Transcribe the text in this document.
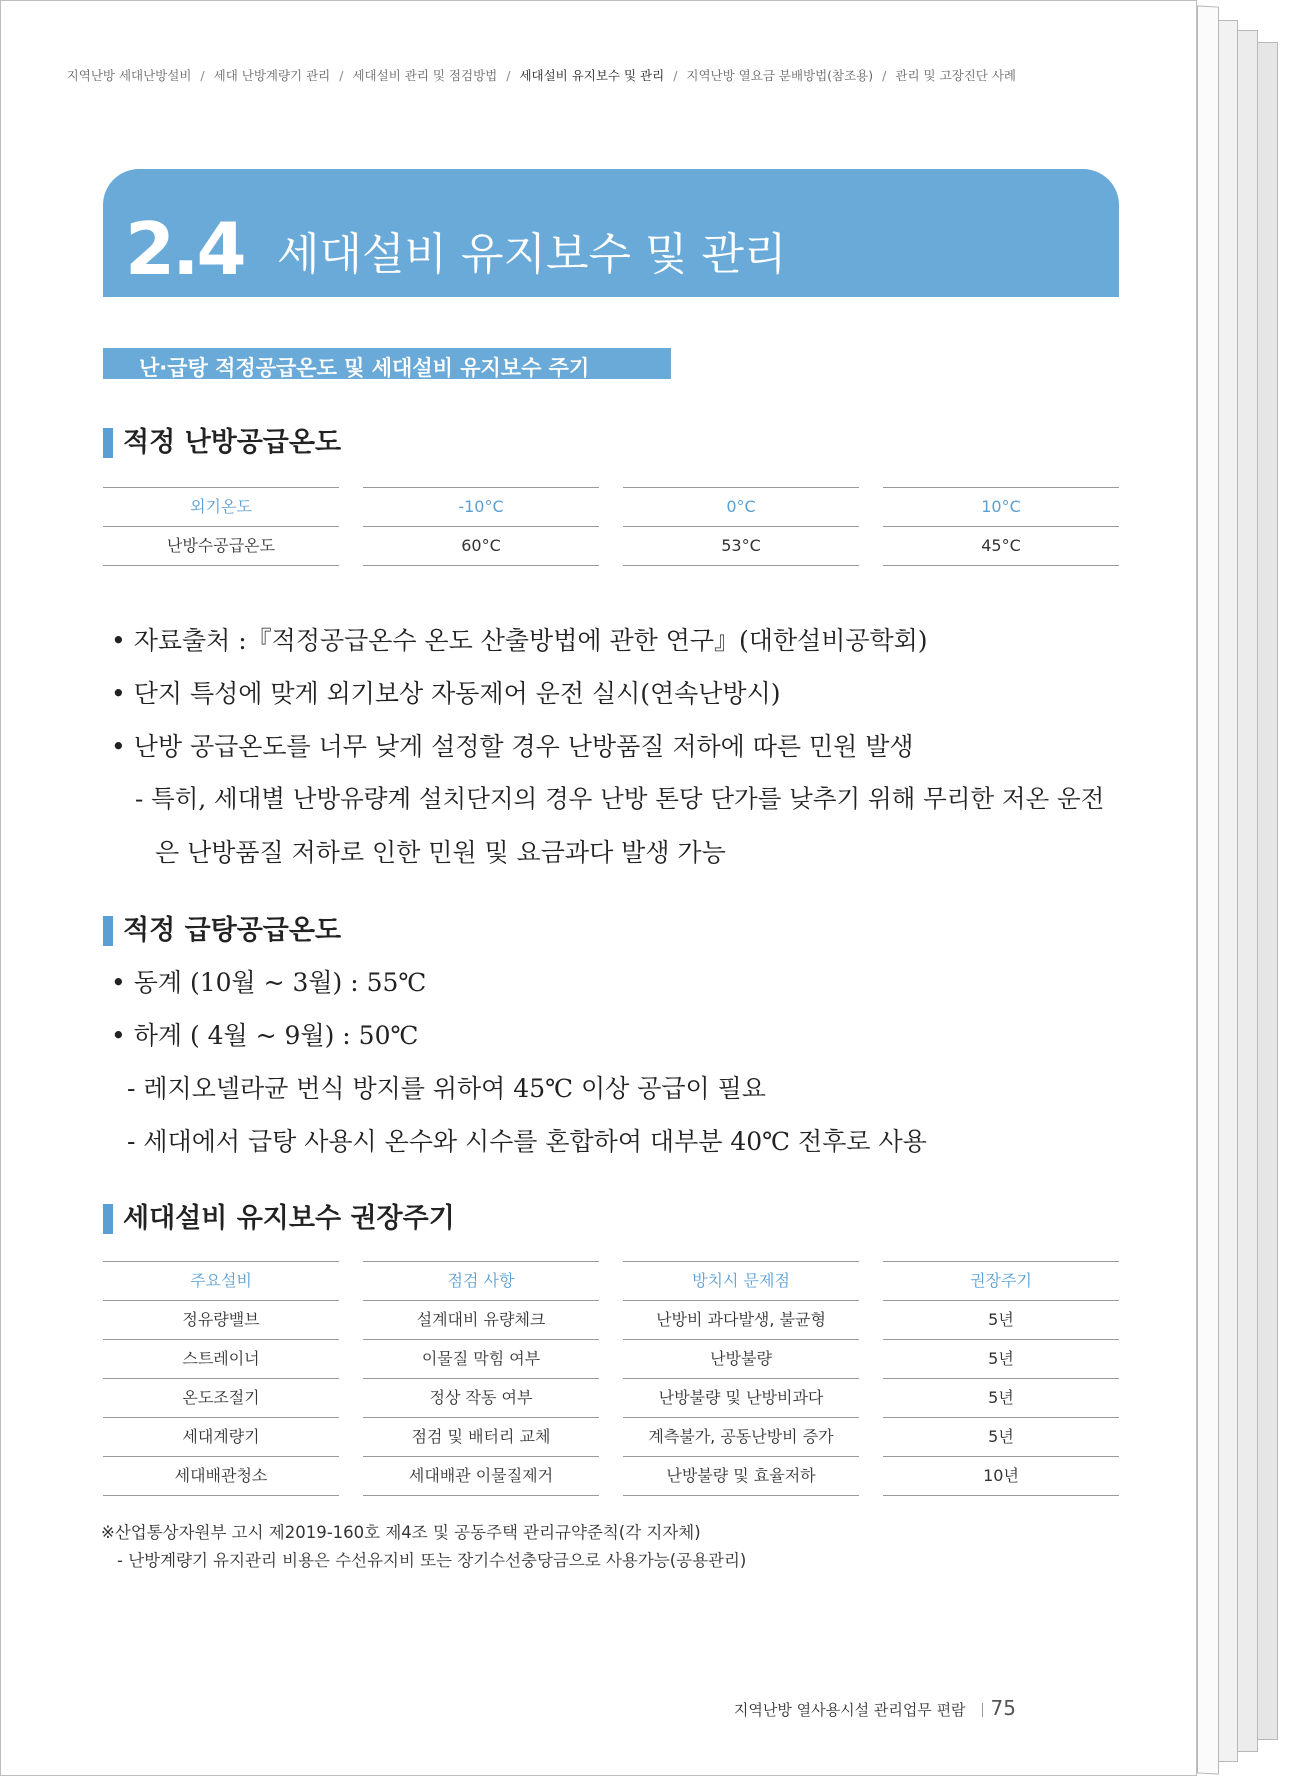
지역난방 세대난방설비 / 세대 난방계량기 관리 / 세대설비 관리 및 점검방법 / 세대설비 유지보수 및 관리 / 지역난방 열요금 분배방법(참조용) / 관리 및 고장진단 사례
2.4 세대설비 유지보수 및 관리
난·급탕 적정공급온도 및 세대설비 유지보수 주기
적정 난방공급온도
외기온도
난방수공급온도
-10°C
60°C
0°C
53°C
10°C
45°C
• 자료출처 :『적정공급온수 온도 산출방법에 관한 연구』(대한설비공학회)
• 단지 특성에 맞게 외기보상 자동제어 운전 실시(연속난방시)
• 난방 공급온도를 너무 낮게 설정할 경우 난방품질 저하에 따른 민원 발생
- 특히, 세대별 난방유량계 설치단지의 경우 난방 톤당 단가를 낮추기 위해 무리한 저온 운전
은 난방품질 저하로 인한 민원 및 요금과다 발생 가능
적정 급탕공급온도
• 동계 (10월 ~ 3월) : 55℃
• 하계 ( 4월 ~ 9월) : 50℃
- 레지오넬라균 번식 방지를 위하여 45℃ 이상 공급이 필요
- 세대에서 급탕 사용시 온수와 시수를 혼합하여 대부분 40℃ 전후로 사용
세대설비 유지보수 권장주기
주요설비
정유량밸브
스트레이너
온도조절기
세대계량기
세대배관청소
점검 사항
설계대비 유량체크
이물질 막힘 여부
정상 작동 여부
점검 및 배터리 교체
세대배관 이물질제거
방치시 문제점
난방비 과다발생, 불균형
난방불량
난방불량 및 난방비과다
계측불가, 공동난방비 증가
난방불량 및 효율저하
권장주기
5년
5년
5년
5년
10년
※산업통상자원부 고시 제2019-160호 제4조 및 공동주택 관리규약준칙(각 지자체)
- 난방계량기 유지관리 비용은 수선유지비 또는 장기수선충당금으로 사용가능(공용관리)
지역난방 열사용시설 관리업무 편람 75
